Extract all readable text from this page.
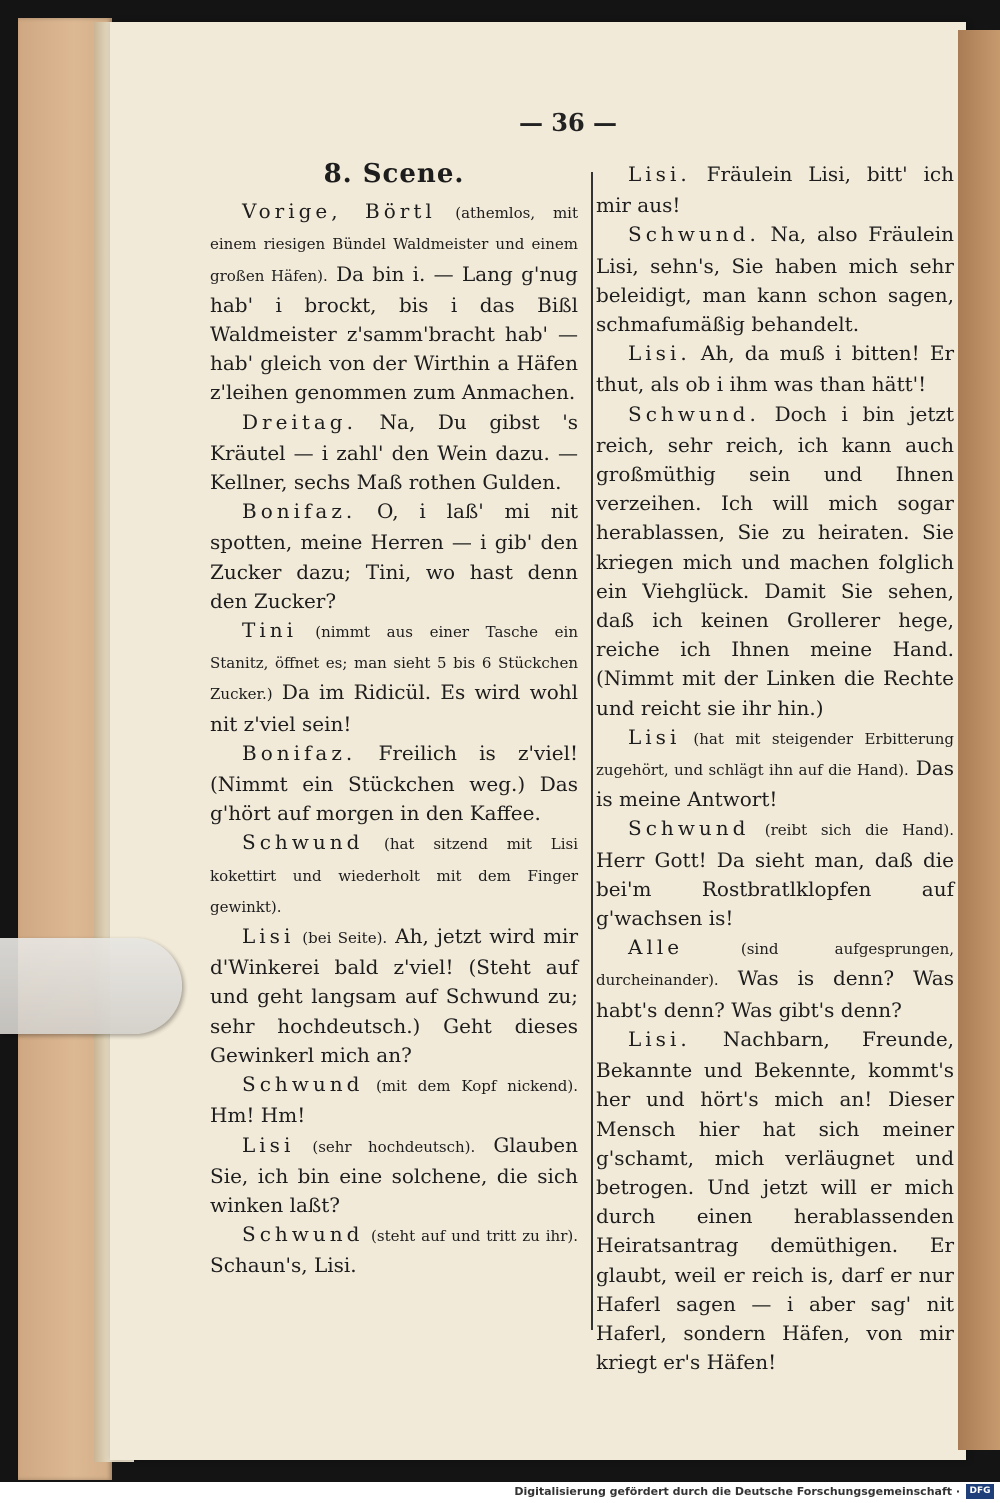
— 36 —

8. Scene.

Vorige, Börtl (athemlos, mit einem riesigen Bündel Waldmeister und einem großen Häfen). Da bin i. — Lang g'nug hab' i brockt, bis i das Bißl Waldmeister z'samm'bracht hab' — hab' gleich von der Wirthin a Häfen z'leihen genommen zum Anmachen.

Dreitag. Na, Du gibst 's Kräutel — i zahl' den Wein dazu. — Kellner, sechs Maß rothen Gulden.

Bonifaz. O, i laß' mi nit spotten, meine Herren — i gib' den Zucker dazu; Tini, wo hast denn den Zucker?

Tini (nimmt aus einer Tasche ein Stanitz, öffnet es; man sieht 5 bis 6 Stückchen Zucker.) Da im Ridicül. Es wird wohl nit z'viel sein!

Bonifaz. Freilich is z'viel! (Nimmt ein Stückchen weg.) Das g'hört auf morgen in den Kaffee.

Schwund (hat sitzend mit Lisi kokettirt und wiederholt mit dem Finger gewinkt).

Lisi (bei Seite). Ah, jetzt wird mir d'Winkerei bald z'viel! (Steht auf und geht langsam auf Schwund zu; sehr hochdeutsch.) Geht dieses Gewinkerl mich an?

Schwund (mit dem Kopf nickend). Hm! Hm!

Lisi (sehr hochdeutsch). Glauben Sie, ich bin eine solchene, die sich winken laßt?

Schwund (steht auf und tritt zu ihr). Schaun's, Lisi.

Lisi. Fräulein Lisi, bitt' ich mir aus!

Schwund. Na, also Fräulein Lisi, sehn's, Sie haben mich sehr beleidigt, man kann schon sagen, schmafumäßig behandelt.

Lisi. Ah, da muß i bitten! Er thut, als ob i ihm was than hätt'!

Schwund. Doch i bin jetzt reich, sehr reich, ich kann auch großmüthig sein und Ihnen verzeihen. Ich will mich sogar herablassen, Sie zu heiraten. Sie kriegen mich und machen folglich ein Viehglück. Damit Sie sehen, daß ich keinen Grollerer hege, reiche ich Ihnen meine Hand. (Nimmt mit der Linken die Rechte und reicht sie ihr hin.)

Lisi (hat mit steigender Erbitterung zugehört, und schlägt ihn auf die Hand). Das is meine Antwort!

Schwund (reibt sich die Hand). Herr Gott! Da sieht man, daß die bei'm Rostbratlklopfen auf g'wachsen is!

Alle	(sind aufgesprungen, durcheinander). Was is denn? Was habt's denn? Was gibt's denn?

Lisi. Nachbarn, Freunde, Bekannte und Bekennte, kommt's her und hört's mich an! Dieser Mensch hier hat sich meiner g'schamt, mich verläugnet und betrogen. Und jetzt will er mich durch einen herablassenden Heiratsantrag demüthigen. Er glaubt, weil er reich is, darf er nur Haferl sagen — i aber sag' nit Haferl, sondern Häfen, von mir kriegt er's Häfen!

Digitalisierung gefördert durch die Deutsche Forschungsgemeinschaft ·	DFG
